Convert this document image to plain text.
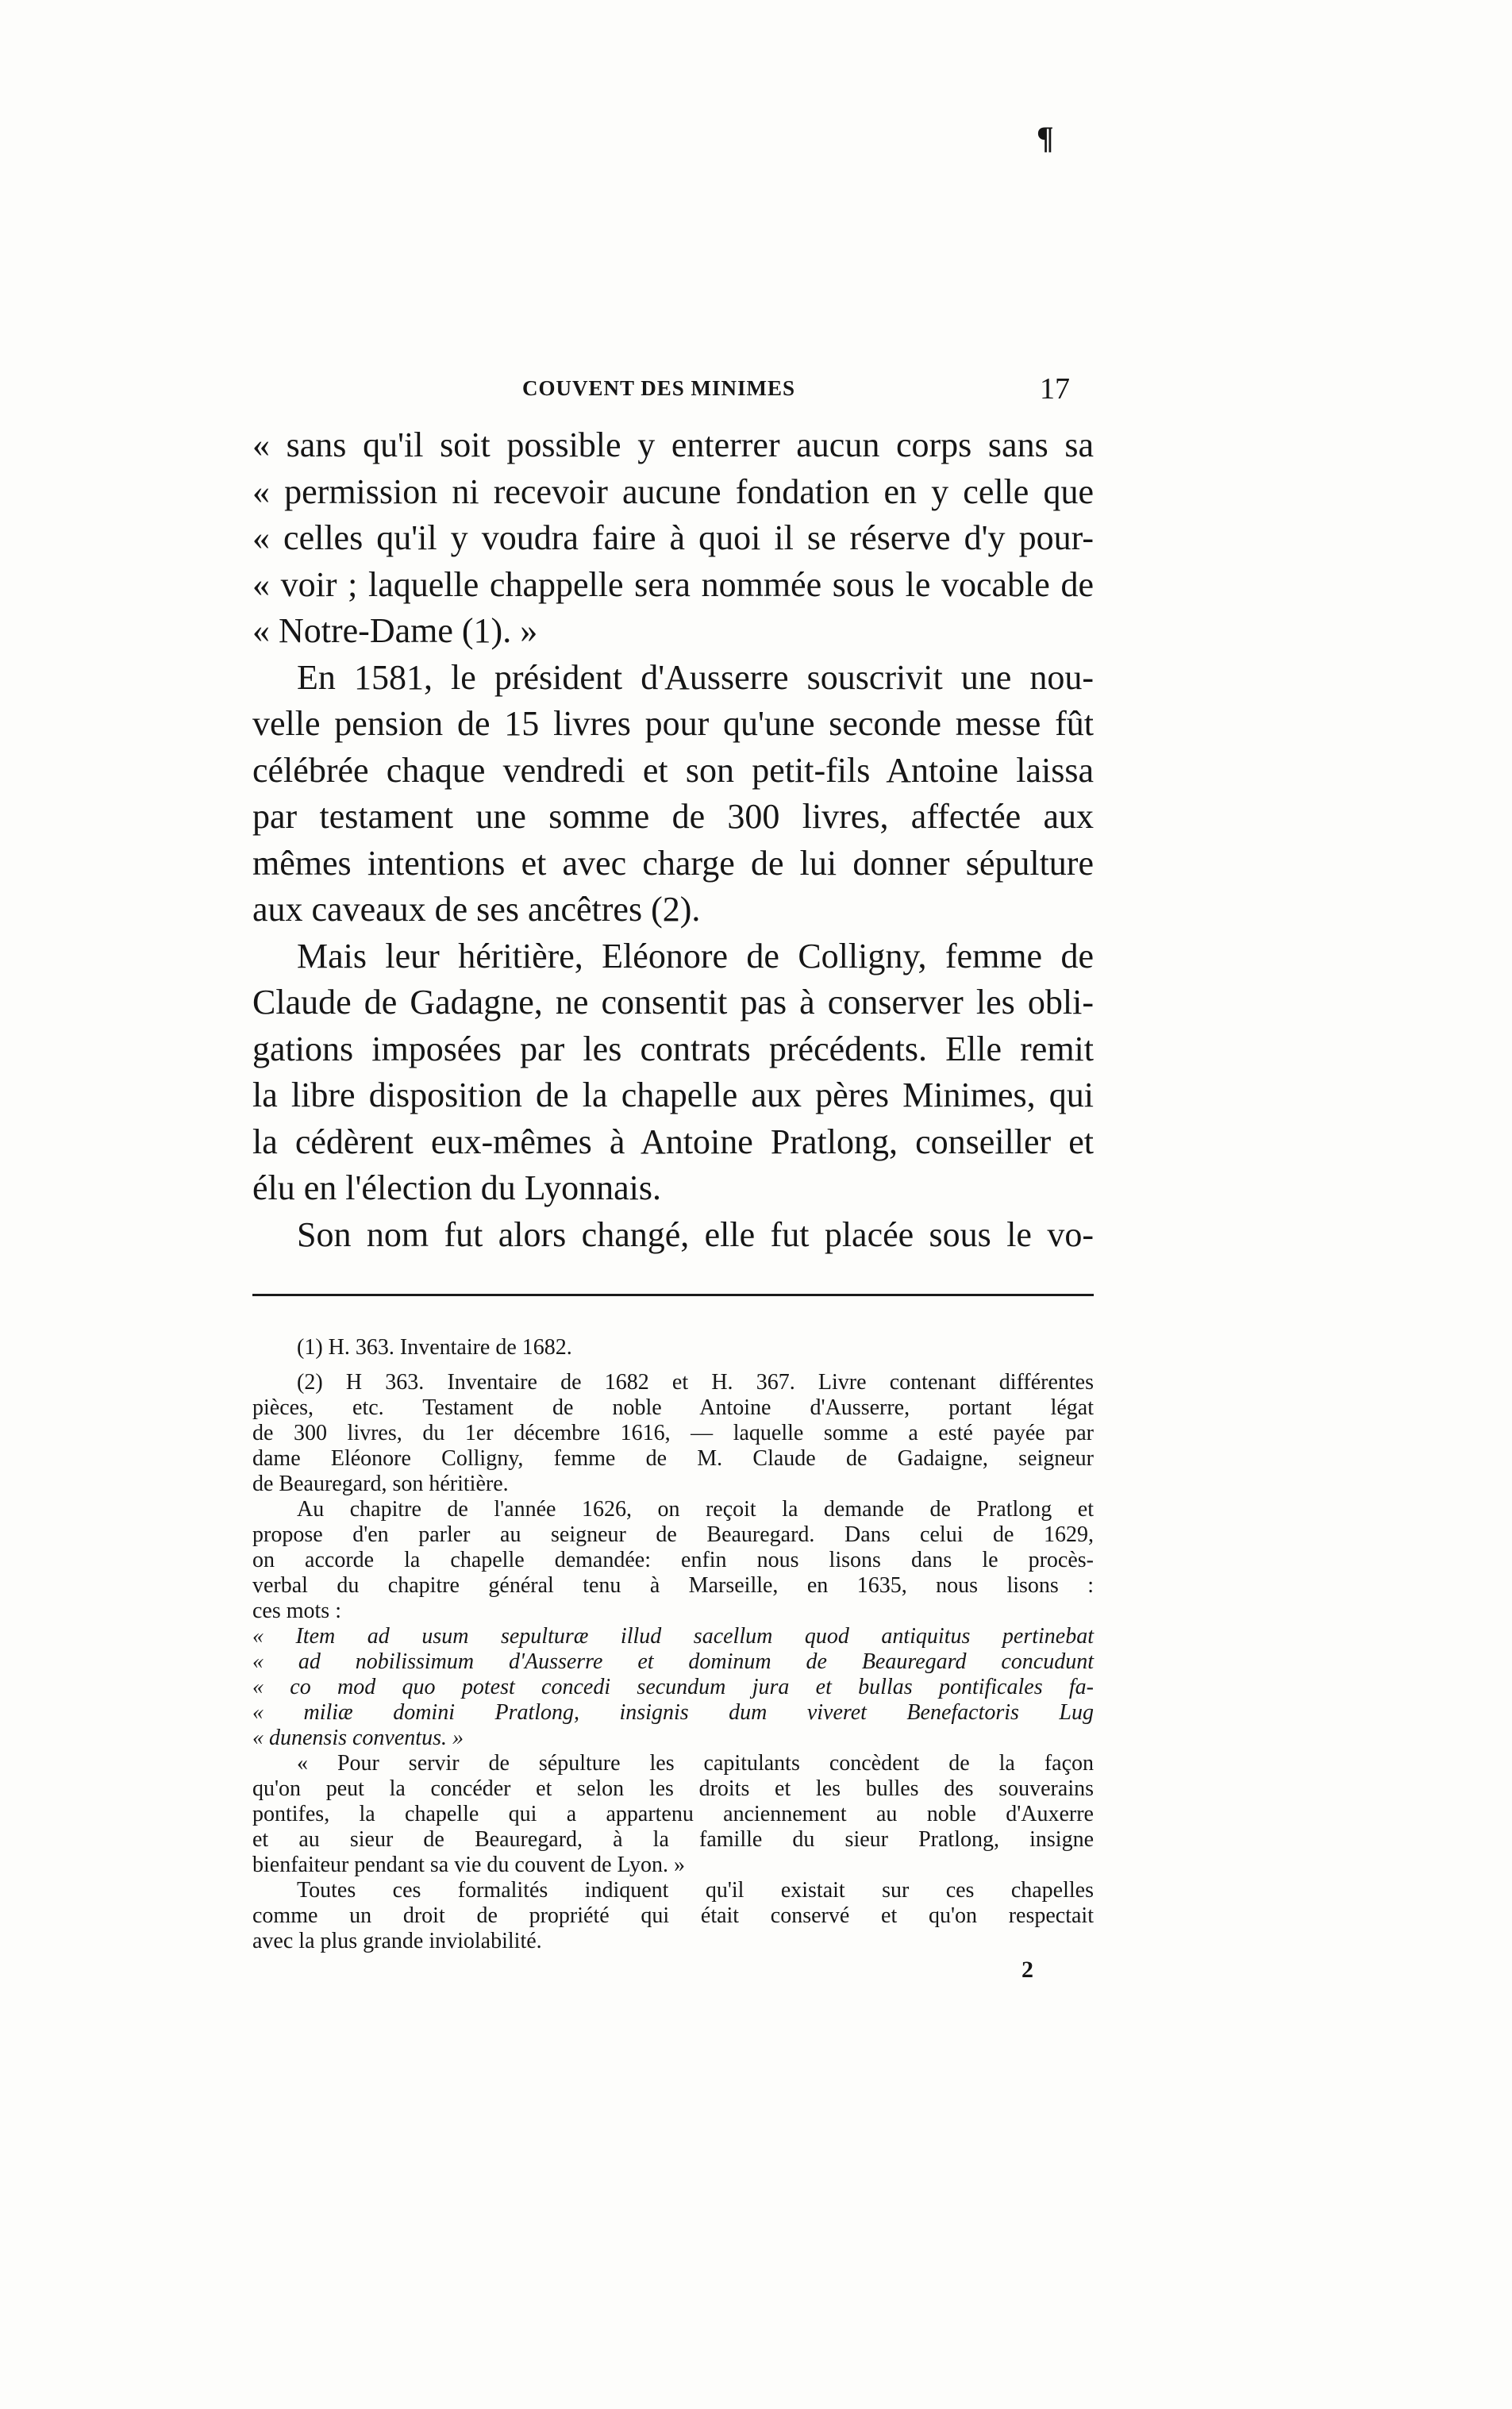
¶
COUVENT DES MINIMES	17
« sans qu'il soit possible y enterrer aucun corps sans sa
« permission ni recevoir aucune fondation en y celle que
« celles qu'il y voudra faire à quoi il se réserve d'y pour-
« voir ; laquelle chappelle sera nommée sous le vocable de
« Notre-Dame (1). »
En 1581, le président d'Ausserre souscrivit une nou-
velle pension de 15 livres pour qu'une seconde messe fût
célébrée chaque vendredi et son petit-fils Antoine laissa
par testament une somme de 300 livres, affectée aux
mêmes intentions et avec charge de lui donner sépulture
aux caveaux de ses ancêtres (2).
Mais leur héritière, Eléonore de Colligny, femme de
Claude de Gadagne, ne consentit pas à conserver les obli-
gations imposées par les contrats précédents. Elle remit
la libre disposition de la chapelle aux pères Minimes, qui
la cédèrent eux-mêmes à Antoine Pratlong, conseiller et
élu en l'élection du Lyonnais.
Son nom fut alors changé, elle fut placée sous le vo-
(1) H. 363. Inventaire de 1682.
(2) H 363. Inventaire de 1682 et H. 367. Livre contenant différentes
pièces, etc. Testament de noble Antoine d'Ausserre, portant légat
de 300 livres, du 1er décembre 1616, — laquelle somme a esté payée par
dame Eléonore Colligny, femme de M. Claude de Gadaigne, seigneur
de Beauregard, son héritière.
Au chapitre de l'année 1626, on reçoit la demande de Pratlong et
propose d'en parler au seigneur de Beauregard. Dans celui de 1629,
on accorde la chapelle demandée: enfin nous lisons dans le procès-
verbal du chapitre général tenu à Marseille, en 1635, nous lisons :
ces mots :
« Item ad usum sepulturæ illud sacellum quod antiquitus pertinebat
« ad nobilissimum d'Ausserre et dominum de Beauregard concudunt
« co mod quo potest concedi secundum jura et bullas pontificales fa-
« miliæ domini Pratlong, insignis dum viveret Benefactoris Lug
« dunensis conventus. »
« Pour servir de sépulture les capitulants concèdent de la façon
qu'on peut la concéder et selon les droits et les bulles des souverains
pontifes, la chapelle qui a appartenu anciennement au noble d'Auxerre
et au sieur de Beauregard, à la famille du sieur Pratlong, insigne
bienfaiteur pendant sa vie du couvent de Lyon. »
Toutes ces formalités indiquent qu'il existait sur ces chapelles
comme un droit de propriété qui était conservé et qu'on respectait
avec la plus grande inviolabilité.
2
